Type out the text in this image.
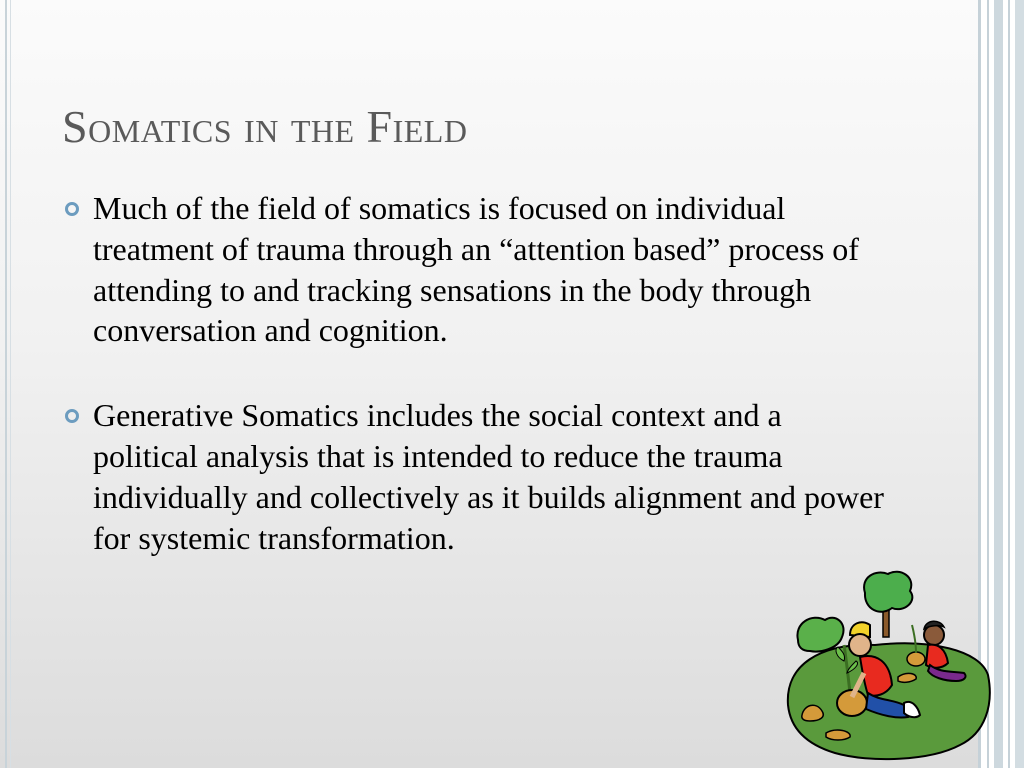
Somatics in the Field
Much of the field of somatics is focused on individual treatment of trauma through an “attention based” process of attending to and tracking sensations in the body through conversation and cognition.
Generative Somatics includes the social context and a political analysis that is intended to reduce the trauma individually and collectively as it builds alignment and power for systemic transformation.
